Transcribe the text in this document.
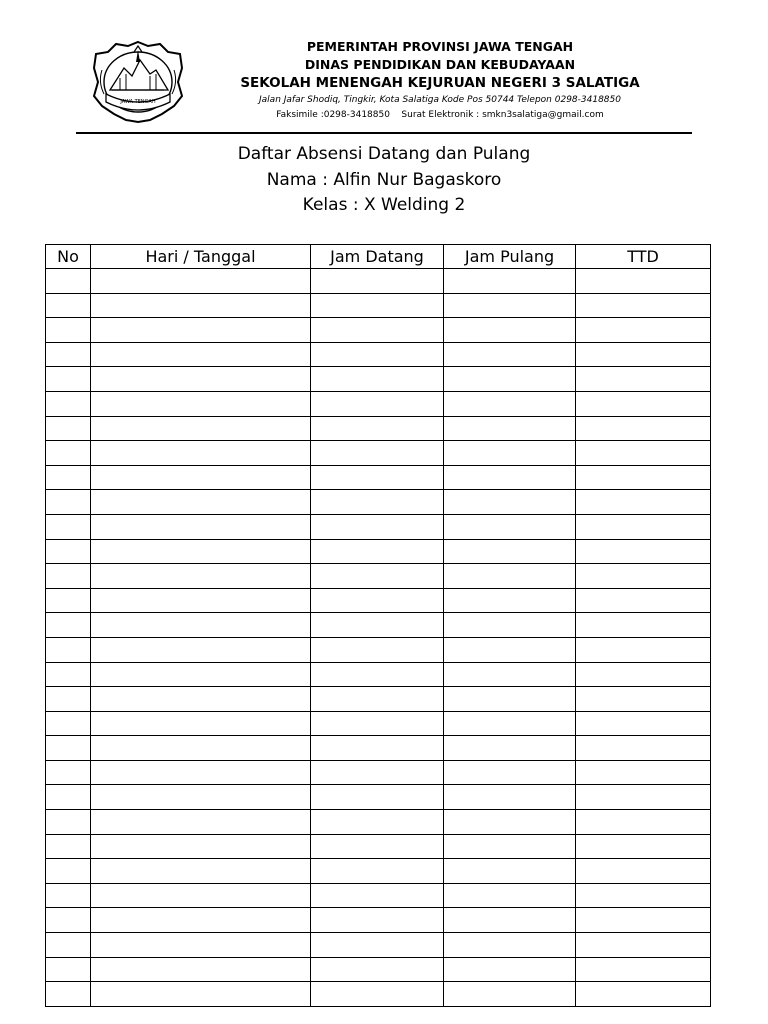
JAWA TENGAH
PEMERINTAH PROVINSI JAWA TENGAH
DINAS PENDIDIKAN DAN KEBUDAYAAN
SEKOLAH MENENGAH KEJURUAN NEGERI 3 SALATIGA
Jalan Jafar Shodiq, Tingkir, Kota Salatiga Kode Pos 50744 Telepon 0298-3418850
Faksimile :0298-3418850    Surat Elektronik : smkn3salatiga@gmail.com
Daftar Absensi Datang dan Pulang
Nama : Alfin Nur Bagaskoro
Kelas : X Welding 2
No	Hari / Tanggal	Jam Datang	Jam Pulang	TTD
